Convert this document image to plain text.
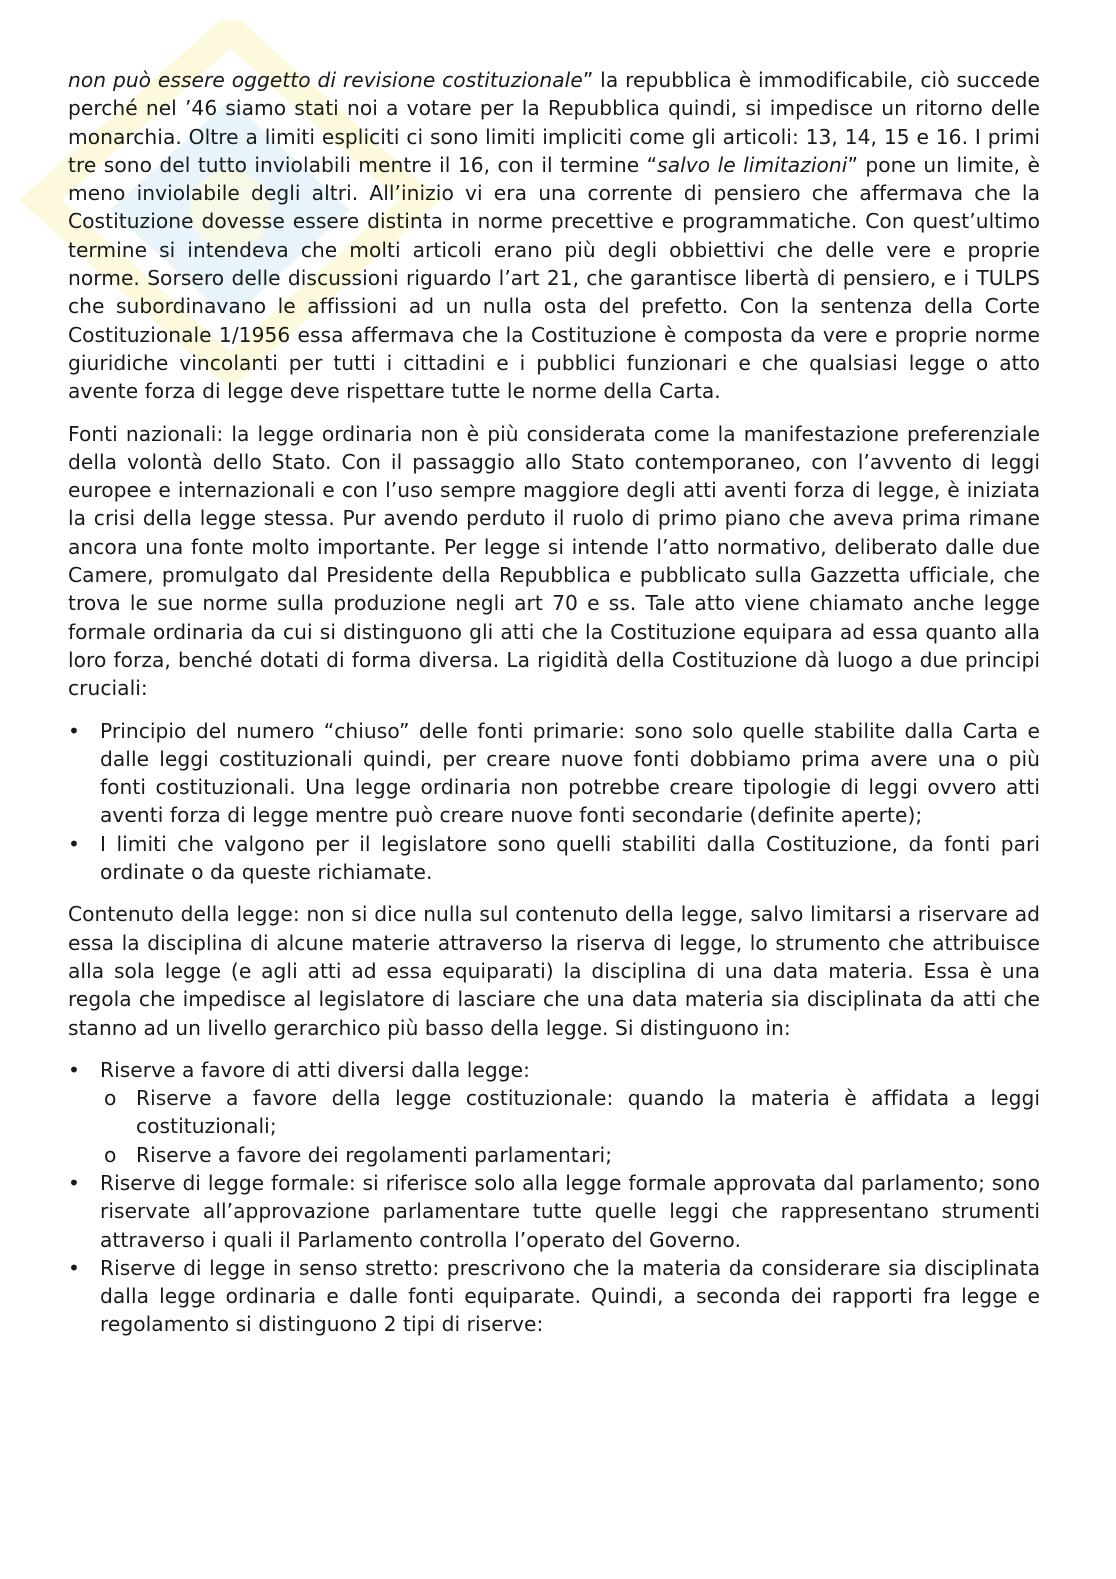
non può essere oggetto di revisione costituzionale” la repubblica è immodificabile, ciò succede perché nel ’46 siamo stati noi a votare per la Repubblica quindi, si impedisce un ritorno delle monarchia. Oltre a limiti espliciti ci sono limiti impliciti come gli articoli: 13, 14, 15 e 16. I primi tre sono del tutto inviolabili mentre il 16, con il termine “salvo le limitazioni” pone un limite, è meno inviolabile degli altri. All’inizio vi era una corrente di pensiero che affermava che la Costituzione dovesse essere distinta in norme precettive e programmatiche. Con quest’ultimo termine si intendeva che molti articoli erano più degli obbiettivi che delle vere e proprie norme. Sorsero delle discussioni riguardo l’art 21, che garantisce libertà di pensiero, e i TULPS che subordinavano le affissioni ad un nulla osta del prefetto. Con la sentenza della Corte Costituzionale 1/1956 essa affermava che la Costituzione è composta da vere e proprie norme giuridiche vincolanti per tutti i cittadini e i pubblici funzionari e che qualsiasi legge o atto avente forza di legge deve rispettare tutte le norme della Carta.

Fonti nazionali: la legge ordinaria non è più considerata come la manifestazione preferenziale della volontà dello Stato. Con il passaggio allo Stato contemporaneo, con l’avvento di leggi europee e internazionali e con l’uso sempre maggiore degli atti aventi forza di legge, è iniziata la crisi della legge stessa. Pur avendo perduto il ruolo di primo piano che aveva prima rimane ancora una fonte molto importante. Per legge si intende l’atto normativo, deliberato dalle due Camere, promulgato dal Presidente della Repubblica e pubblicato sulla Gazzetta ufficiale, che trova le sue norme sulla produzione negli art 70 e ss. Tale atto viene chiamato anche legge formale ordinaria da cui si distinguono gli atti che la Costituzione equipara ad essa quanto alla loro forza, benché dotati di forma diversa. La rigidità della Costituzione dà luogo a due principi cruciali:

• Principio del numero “chiuso” delle fonti primarie: sono solo quelle stabilite dalla Carta e dalle leggi costituzionali quindi, per creare nuove fonti dobbiamo prima avere una o più fonti costituzionali. Una legge ordinaria non potrebbe creare tipologie di leggi ovvero atti aventi forza di legge mentre può creare nuove fonti secondarie (definite aperte);
• I limiti che valgono per il legislatore sono quelli stabiliti dalla Costituzione, da fonti pari ordinate o da queste richiamate.

Contenuto della legge: non si dice nulla sul contenuto della legge, salvo limitarsi a riservare ad essa la disciplina di alcune materie attraverso la riserva di legge, lo strumento che attribuisce alla sola legge (e agli atti ad essa equiparati) la disciplina di una data materia. Essa è una regola che impedisce al legislatore di lasciare che una data materia sia disciplinata da atti che stanno ad un livello gerarchico più basso della legge. Si distinguono in:

• Riserve a favore di atti diversi dalla legge:
o Riserve a favore della legge costituzionale: quando la materia è affidata a leggi costituzionali;
o Riserve a favore dei regolamenti parlamentari;
• Riserve di legge formale: si riferisce solo alla legge formale approvata dal parlamento; sono riservate all’approvazione parlamentare tutte quelle leggi che rappresentano strumenti attraverso i quali il Parlamento controlla l’operato del Governo.
• Riserve di legge in senso stretto: prescrivono che la materia da considerare sia disciplinata dalla legge ordinaria e dalle fonti equiparate. Quindi, a seconda dei rapporti fra legge e regolamento si distinguono 2 tipi di riserve:
